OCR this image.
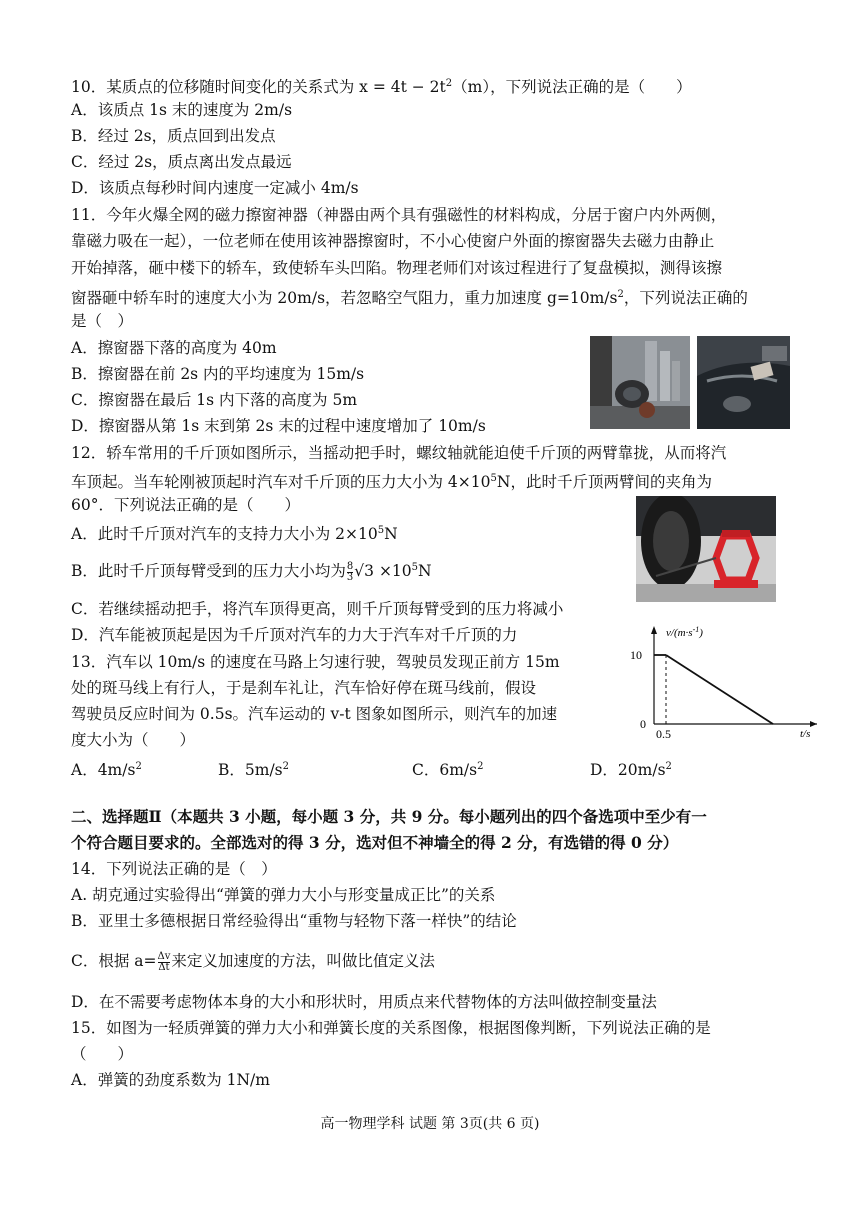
10．某质点的位移随时间变化的关系式为 $x = 4t - 2t^2(m)$，下列说法正确的是（　　）
A．该质点 1s 末的速度为 2m/s
B．经过 2s，质点回到出发点
C．经过 2s，质点离出发点最远
D．该质点每秒时间内速度一定减小 4m/s
11．今年火爆全网的磁力擦窗神器（神器由两个具有强磁性的材料构成，分居于窗户内外两侧，
靠磁力吸在一起），一位老师在使用该神器擦窗时，不小心使窗户外面的擦窗器失去磁力由静止
开始掉落，砸中楼下的轿车，致使轿车头凹陷。物理老师们对该过程进行了复盘模拟，测得该擦
窗器砸中轿车时的速度大小为 20m/s，若忽略空气阻力，重力加速度 $g=10m/s^2$，下列说法正确的
是（　）
A．擦窗器下落的高度为 40m
B．擦窗器在前 2s 内的平均速度为 15m/s
C．擦窗器在最后 1s 内下落的高度为 5m
D．擦窗器从第 1s 末到第 2s 末的过程中速度增加了 10m/s
12．轿车常用的千斤顶如图所示，当摇动把手时，螺纹轴就能迫使千斤顶的两臂靠拢，从而将汽
车顶起。当车轮刚被顶起时汽车对千斤顶的压力大小为 $4\times 10^5N$，此时千斤顶两臂间的夹角为
60°．下列说法正确的是（　　）
A．此时千斤顶对汽车的支持力大小为 $2\times 10^5N$
B．此时千斤顶每臂受到的压力大小均为 $\frac{8}{3} √3 \times 10^5N$
C．若继续摇动把手，将汽车顶得更高，则千斤顶每臂受到的压力将减小
D．汽车能被顶起是因为千斤顶对汽车的力大于汽车对千斤顶的力
13．汽车以 10m/s 的速度在马路上匀速行驶，驾驶员发现正前方 15m
处的斑马线上有行人，于是刹车礼让，汽车恰好停在斑马线前，假设
驾驶员反应时间为 0.5s。汽车运动的 v-t 图象如图所示，则汽车的加速
度大小为（　　）
A．$4m/s^2$	B．$5m/s^2$	C．$6m/s^2$	D．$20m/s^2$
$v/(m\cdot s^{-1})$
t/s
10
0
0.5
二、选择题Ⅱ（本题共 3 小题，每小题 3 分，共 9 分。每小题列出的四个备选项中至少有一
个符合题目要求的。全部选对的得 3 分，选对但不神墙全的得 2 分，有选错的得 0 分）
14．下列说法正确的是（　）
A. 胡克通过实验得出“弹簧的弹力大小与形变量成正比”的关系
B．亚里士多德根据日常经验得出“重物与轻物下落一样快”的结论
C．根据 $a= \frac{\Delta v}{\Delta t}$ 来定义加速度的方法，叫做比值定义法
D．在不需要考虑物体本身的大小和形状时，用质点来代替物体的方法叫做控制变量法
15．如图为一轻质弹簧的弹力大小和弹簧长度的关系图像，根据图像判断，下列说法正确的是
（　　）
A．弹簧的劲度系数为 1N/m
高一物理学科 试题 第 3页(共 6 页)
